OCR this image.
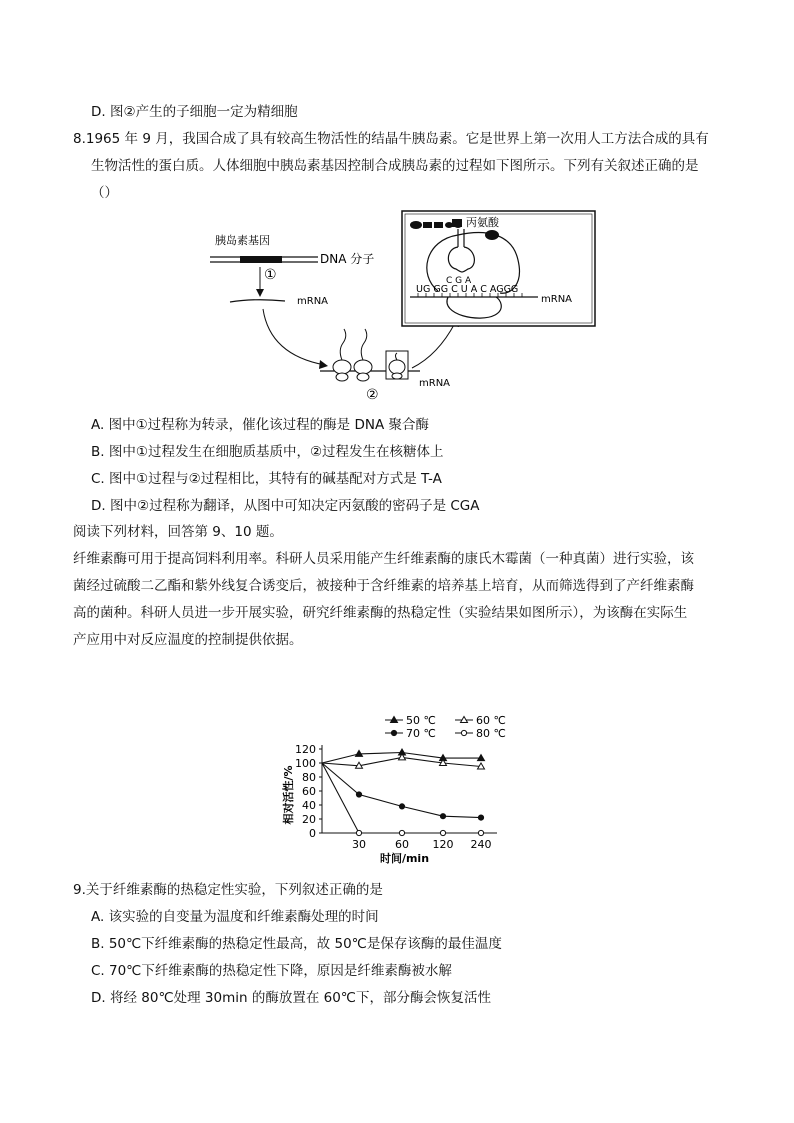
D. 图②产生的子细胞一定为精细胞
8.1965 年 9 月，我国合成了具有较高生物活性的结晶牛胰岛素。它是世界上第一次用人工方法合成的具有
生物活性的蛋白质。人体细胞中胰岛素基因控制合成胰岛素的过程如下图所示。下列有关叙述正确的是
（）
胰岛素基因
DNA 分子
①
mRNA
②
mRNA
丙氨酸
C G A
UG GG C U A C AGGG
mRNA
A. 图中①过程称为转录，催化该过程的酶是 DNA 聚合酶
B. 图中①过程发生在细胞质基质中，②过程发生在核糖体上
C. 图中①过程与②过程相比，其特有的碱基配对方式是 T-A
D. 图中②过程称为翻译，从图中可知决定丙氨酸的密码子是 CGA
阅读下列材料，回答第 9、10 题。
纤维素酶可用于提高饲料利用率。科研人员采用能产生纤维素酶的康氏木霉菌（一种真菌）进行实验，该
菌经过硫酸二乙酯和紫外线复合诱变后，被接种于含纤维素的培养基上培育，从而筛选得到了产纤维素酶
高的菌种。科研人员进一步开展实验，研究纤维素酶的热稳定性（实验结果如图所示），为该酶在实际生
产应用中对反应温度的控制提供依据。
50 ℃	60 ℃
70 ℃	80 ℃
0
20
40
60
80
100
120
30	60 120 240
时间/min
相对活性/%
9.关于纤维素酶的热稳定性实验，下列叙述正确的是
A. 该实验的自变量为温度和纤维素酶处理的时间
B. 50℃下纤维素酶的热稳定性最高，故 50℃是保存该酶的最佳温度
C. 70℃下纤维素酶的热稳定性下降，原因是纤维素酶被水解
D. 将经 80℃处理 30min 的酶放置在 60℃下，部分酶会恢复活性
